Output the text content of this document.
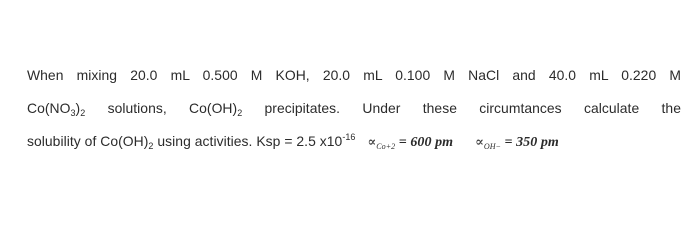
When mixing 20.0 mL 0.500 M KOH, 20.0 mL 0.100 M NaCl and 40.0 mL 0.220 M
$Co(NO_3)_2$ solutions, $Co(OH)_2$ precipitates. Under these circumtances calculate the
solubility of $Co(OH)_2$ using activities. Ksp = 2.5 $x10^{-16} \propto_{Co+2} = 600$ pm $\propto_{OH-} = 350$ pm
